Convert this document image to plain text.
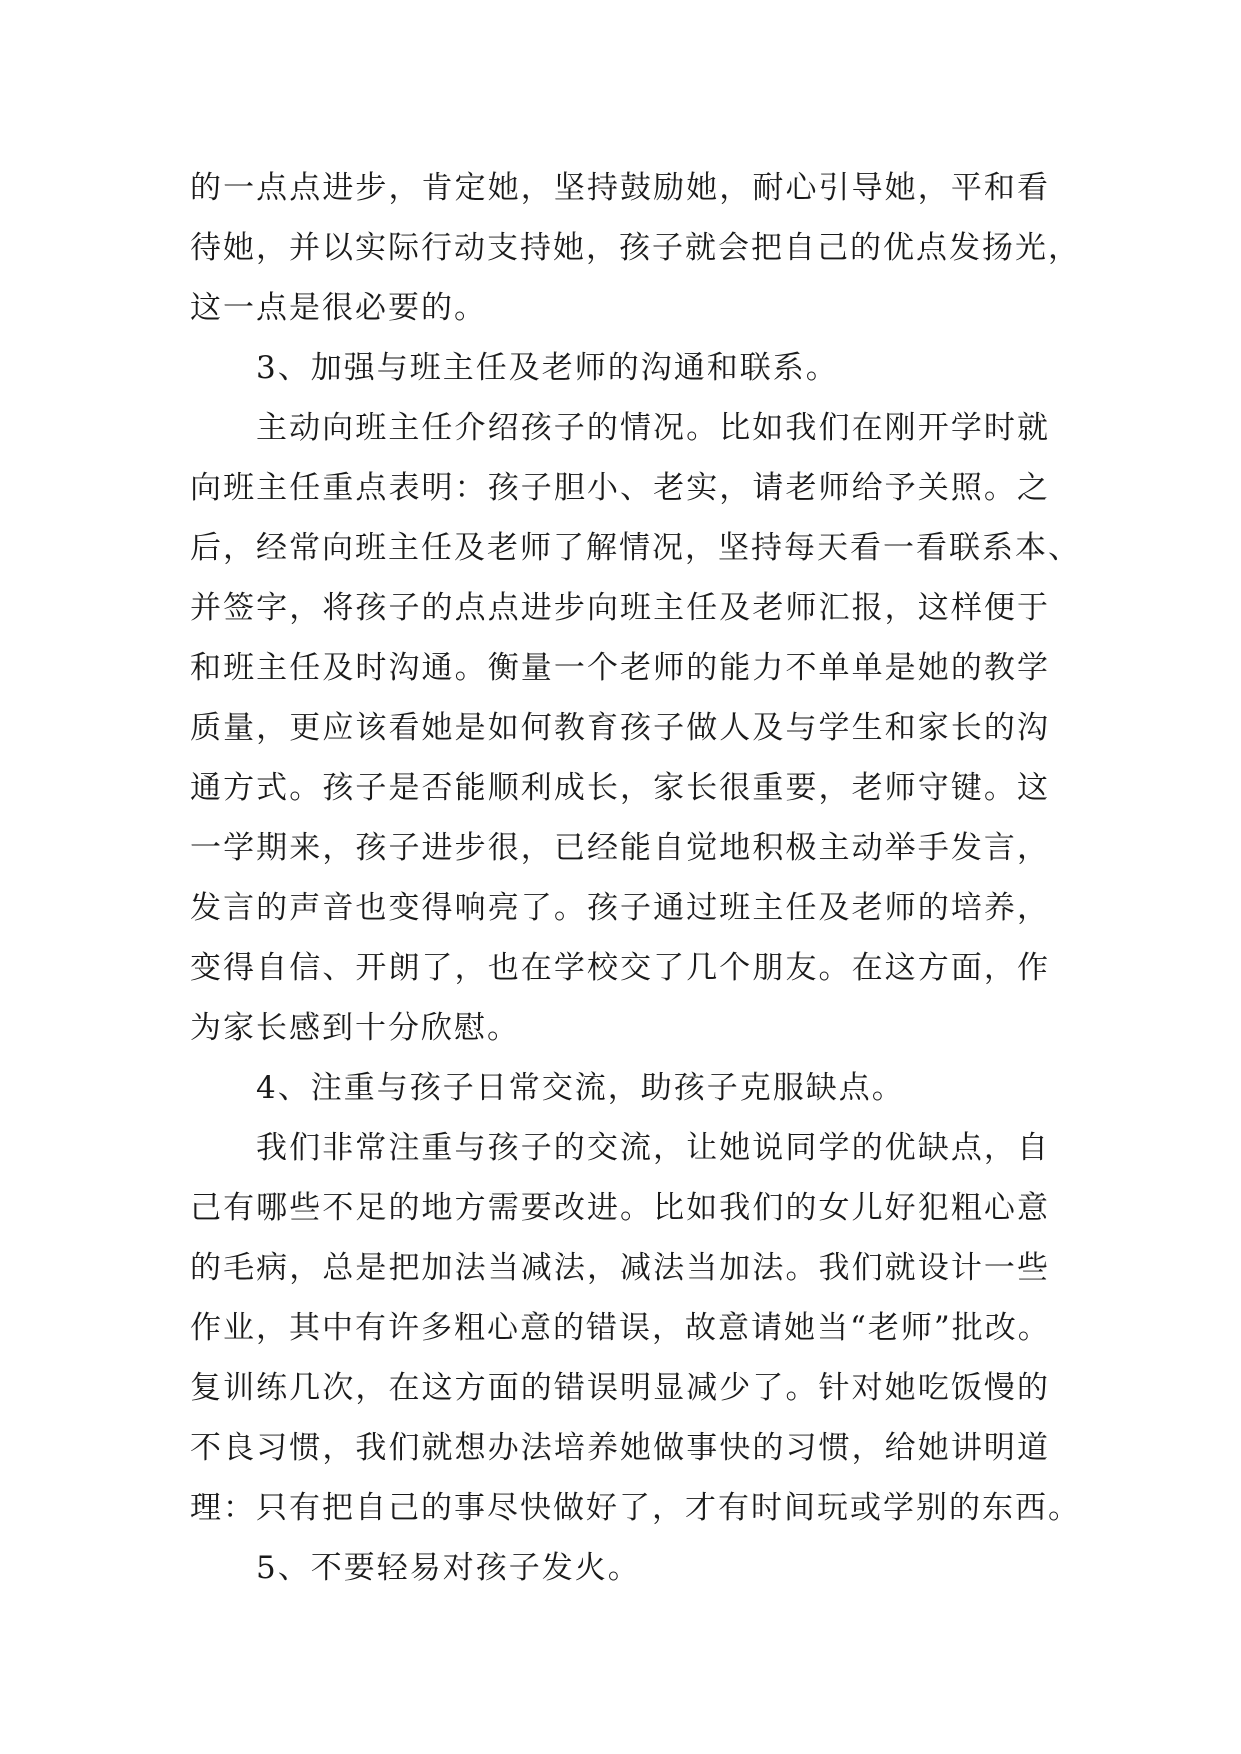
的一点点进步，肯定她，坚持鼓励她，耐心引导她，平和看
待她，并以实际行动支持她，孩子就会把自己的优点发扬光，
这一点是很必要的。
3、加强与班主任及老师的沟通和联系。
主动向班主任介绍孩子的情况。比如我们在刚开学时就
向班主任重点表明：孩子胆小、老实，请老师给予关照。之
后，经常向班主任及老师了解情况，坚持每天看一看联系本、
并签字，将孩子的点点进步向班主任及老师汇报，这样便于
和班主任及时沟通。衡量一个老师的能力不单单是她的教学
质量，更应该看她是如何教育孩子做人及与学生和家长的沟
通方式。孩子是否能顺利成长，家长很重要，老师守键。这
一学期来，孩子进步很，已经能自觉地积极主动举手发言，
发言的声音也变得响亮了。孩子通过班主任及老师的培养，
变得自信、开朗了，也在学校交了几个朋友。在这方面，作
为家长感到十分欣慰。
4、注重与孩子日常交流，助孩子克服缺点。
我们非常注重与孩子的交流，让她说同学的优缺点，自
己有哪些不足的地方需要改进。比如我们的女儿好犯粗心意
的毛病，总是把加法当减法，减法当加法。我们就设计一些
作业，其中有许多粗心意的错误，故意请她当“老师”批改。
复训练几次，在这方面的错误明显减少了。针对她吃饭慢的
不良习惯，我们就想办法培养她做事快的习惯，给她讲明道
理：只有把自己的事尽快做好了，才有时间玩或学别的东西。
5、不要轻易对孩子发火。
